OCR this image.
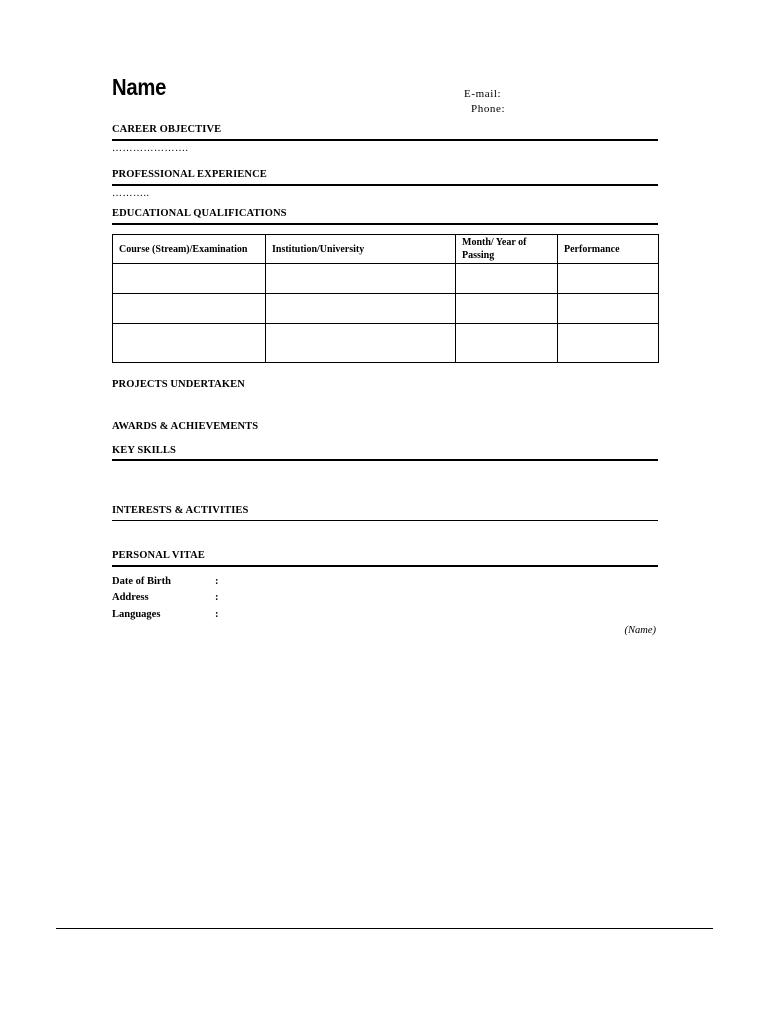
Name	E-mail:
Phone:
CAREER OBJECTIVE
………………….
PROFESSIONAL EXPERIENCE
………..
EDUCATIONAL QUALIFICATIONS
Course (Stream)/Examination	Institution/University	Month/ Year of Passing	Performance

PROJECTS UNDERTAKEN
AWARDS & ACHIEVEMENTS
KEY SKILLS
INTERESTS & ACTIVITIES
PERSONAL VITAE
Date of Birth	:
Address	:
Languages	:
(Name)
